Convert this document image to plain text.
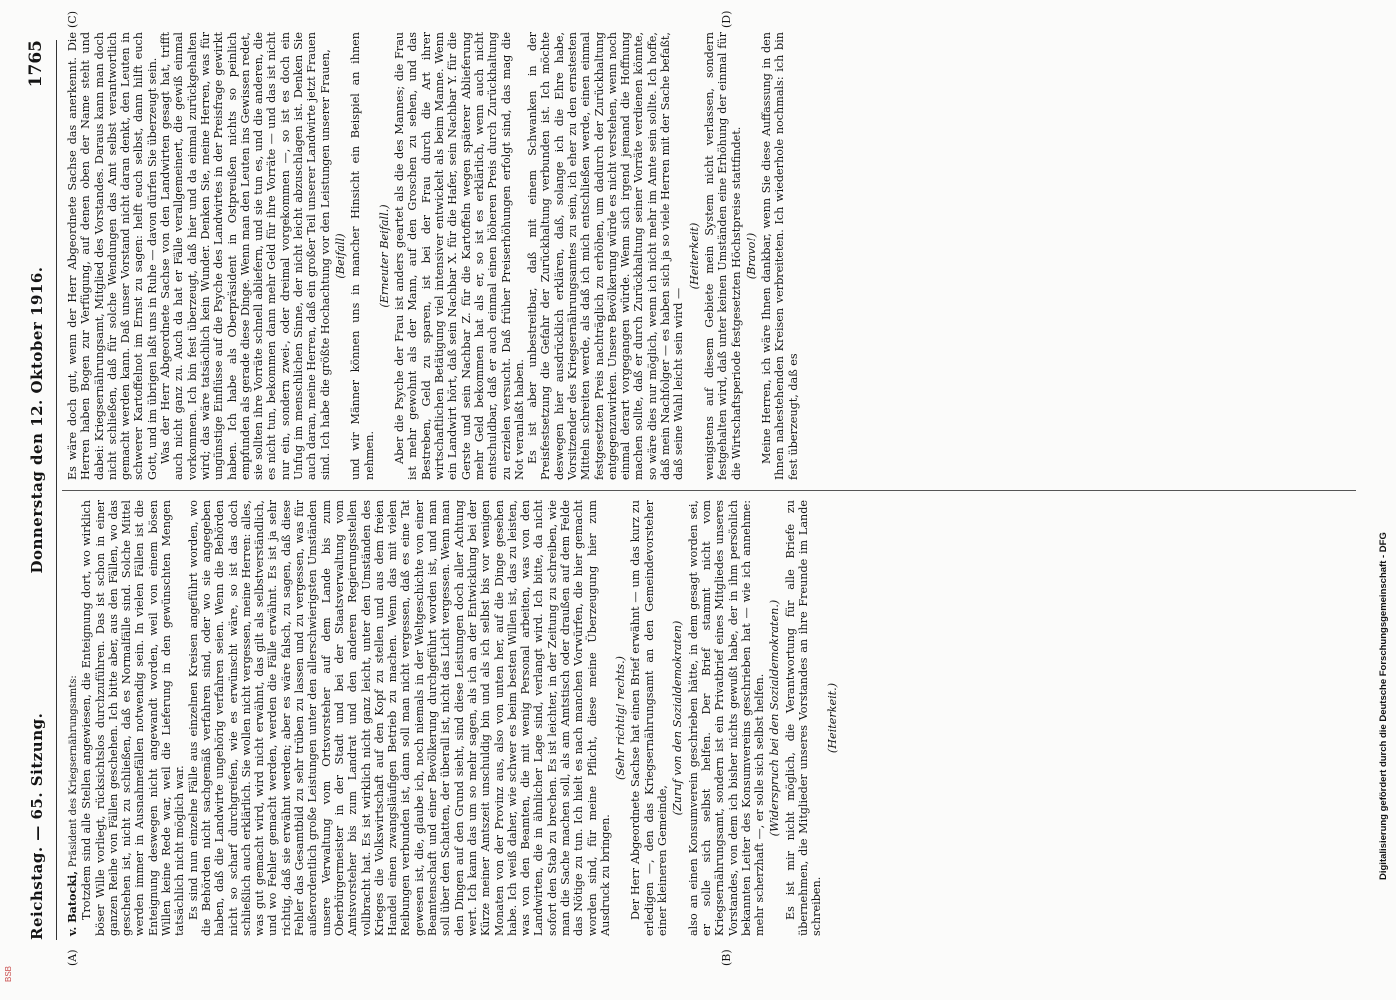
Reichstag. — 65. Sitzung.
Donnerstag den 12. Oktober 1916.
1765
(A)	(B)
(C)	(D)

v. Batocki, Präsident des Kriegsernährungsamts: Trotzdem sind alle Stellen angewiesen, die Enteignung dort, wo wirklich böser Wille vorliegt, rücksichtslos durchzuführen. Das ist schon in einer ganzen Reihe von Fällen geschehen. Ich bitte aber, aus den Fällen, wo das geschehen ist, nicht zu schließen, daß es Normalfälle sind. Solche Mittel werden immer in Ausnahmefällen notwendig sein. In vielen Fällen ist die Enteignung deswegen nicht angewandt worden, weil von einem bösen Willen keine Rede war, weil die Lieferung in den gewünschten Mengen tatsächlich nicht möglich war. Es sind nun einzelne Fälle aus einzelnen Kreisen angeführt worden, wo die Behörden nicht sachgemäß verfahren sind, oder wo sie angegeben haben, daß die Landwirte ungehörig verfahren seien. Wenn die Behörden nicht so scharf durchgreifen, wie es erwünscht wäre, so ist das doch schließlich auch erklärlich. Sie wollen nicht vergessen, meine Herren: alles, was gut gemacht wird, wird nicht erwähnt, das gilt als selbstverständlich, und wo Fehler gemacht werden, werden die Fälle erwähnt. Es ist ja sehr richtig, daß sie erwähnt werden; aber es wäre falsch, zu sagen, daß diese Fehler das Gesamtbild zu sehr trüben zu lassen und zu vergessen, was für außerordentlich große Leistungen unter den allerschwierigsten Umständen unsere Verwaltung vom Ortsvorsteher auf dem Lande bis zum Oberbürgermeister in der Stadt und bei der Staatsverwaltung vom Amtsvorsteher bis zum Landrat und den anderen Regierungsstellen vollbracht hat. Es ist wirklich nicht ganz leicht, unter den Umständen des Krieges die Volkswirtschaft auf den Kopf zu stellen und aus dem freien Handel einen zwangsläufigen Betrieb zu machen. Wenn das mit vielen Reibungen verbunden ist, dann soll man nicht vergessen, daß es eine Tat gewesen ist, die, glaube ich, noch niemals in der Weltgeschichte von einer Beamtenschaft und einer Bevölkerung durchgeführt worden ist, und man soll über den Schatten, der überall ist, nicht das Licht vergessen. Wenn man den Dingen auf den Grund sieht, sind diese Leistungen doch aller Achtung wert. Ich kann das um so mehr sagen, als ich an der Entwicklung bei der Kürze meiner Amtszeit unschuldig bin und als ich selbst bis vor wenigen Monaten von der Provinz aus, also von unten her, auf die Dinge gesehen habe. Ich weiß daher, wie schwer es beim besten Willen ist, das zu leisten, was von den Beamten, die mit wenig Personal arbeiten, was von den Landwirten, die in ähnlicher Lage sind, verlangt wird. Ich bitte, da nicht sofort den Stab zu brechen. Es ist leichter, in der Zeitung zu schreiben, wie man die Sache machen soll, als am Amtstisch oder draußen auf dem Felde das Nötige zu tun. Ich hielt es nach manchen Vorwürfen, die hier gemacht worden sind, für meine Pflicht, diese meine Überzeugung hier zum Ausdruck zu bringen.

(Sehr richtig! rechts.) Der Herr Abgeordnete Sachse hat einen Brief erwähnt — um das kurz zu erledigen —, den das Kriegsernährungsamt an den Gemeindevorsteher einer kleineren Gemeinde,

(Zuruf von den Sozialdemokraten) also an einen Konsumverein geschrieben hätte, in dem gesagt worden sei, er solle sich selbst helfen. Der Brief stammt nicht vom Kriegsernährungsamt, sondern ist ein Privatbrief eines Mitgliedes unseres Vorstandes, von dem ich bisher nichts gewußt habe, der in ihm persönlich bekannten Leiter des Konsumvereins geschrieben hat — wie ich annehme: mehr scherzhaft —, er solle sich selbst helfen. (Widerspruch bei den Sozialdemokraten.) Es ist mir nicht möglich, die Verantwortung für alle Briefe zu übernehmen, die Mitglieder unseres Vorstandes an ihre Freunde im Lande schreiben.

(Heiterkeit.)

Es wäre doch gut, wenn der Herr Abgeordnete Sachse das anerkennt. Die Herren haben Bogen zur Verfügung, auf denen oben der Name steht und dabei: Kriegsernährungsamt, Mitglied des Vorstandes. Daraus kann man doch nicht schließen, daß für solche Wendungen das Amt selbst verantwortlich gemacht werden kann. Daß unser Vorstand nicht daran denkt, den Leuten in schwerer Kartoffelnot im Ernst zu sagen: helft euch selbst, dann hilft euch Gott, und im übrigen laßt uns in Ruhe — davon dürfen Sie überzeugt sein. Was der Herr Abgeordnete Sachse von den Landwirten gesagt hat, trifft auch nicht ganz zu. Auch da hat er Fälle verallgemeinert, die gewiß einmal vorkommen. Ich bin fest überzeugt, daß hier und da einmal zurückgehalten wird; das wäre tatsächlich kein Wunder. Denken Sie, meine Herren, was für ungünstige Einflüsse auf die Psyche des Landwirtes in der Preisfrage gewirkt haben. Ich habe als Oberpräsident in Ostpreußen nichts so peinlich empfunden als gerade diese Dinge. Wenn man den Leuten ins Gewissen redet, sie sollten ihre Vorräte schnell abliefern, und sie tun es, und die anderen, die es nicht tun, bekommen dann mehr Geld für ihre Vorräte — und das ist nicht nur ein, sondern zwei-, oder dreimal vorgekommen —, so ist es doch ein Unfug im menschlichen Sinne, der nicht leicht abzuschlagen ist. Denken Sie auch daran, meine Herren, daß ein großer Teil unserer Landwirte jetzt Frauen sind. Ich habe die größte Hochachtung vor den Leistungen unserer Frauen, (Beifall) und wir Männer können uns in mancher Hinsicht ein Beispiel an ihnen nehmen.

(Erneuter Beifall.) Aber die Psyche der Frau ist anders geartet als die des Mannes; die Frau ist mehr gewohnt als der Mann, auf den Groschen zu sehen, und das Bestreben, Geld zu sparen, ist bei der Frau durch die Art ihrer wirtschaftlichen Betätigung viel intensiver entwickelt als beim Manne. Wenn ein Landwirt hört, daß sein Nachbar X. für die Hafer, sein Nachbar Y. für die Gerste und sein Nachbar Z. für die Kartoffeln wegen späterer Ablieferung mehr Geld bekommen hat als er, so ist es erklärlich, wenn auch nicht entschuldbar, daß er auch einmal einen höheren Preis durch Zurückhaltung zu erzielen versucht. Daß früher Preiserhöhungen erfolgt sind, das mag die Not veranlaßt haben. Es ist aber unbestreitbar, daß mit einem Schwanken in der Preisfestsetzung die Gefahr der Zurückhaltung verbunden ist. Ich möchte deswegen hier ausdrücklich erklären, daß, solange ich die Ehre habe, Vorsitzender des Kriegsernährungsamtes zu sein, ich eher zu den ernstesten Mitteln schreiten werde, als daß ich mich entschließen werde, einen einmal festgesetzten Preis nachträglich zu erhöhen, um dadurch der Zurückhaltung entgegenzuwirken. Unsere Bevölkerung würde es nicht verstehen, wenn noch einmal derart vorgegangen würde. Wenn sich irgend jemand die Hoffnung machen sollte, daß er durch Zurückhaltung seiner Vorräte verdienen könnte, so wäre dies nur möglich, wenn ich nicht mehr im Amte sein sollte. Ich hoffe, daß mein Nachfolger — es haben sich ja so viele Herren mit der Sache befaßt, daß seine Wahl leicht sein wird —

(Heiterkeit) wenigstens auf diesem Gebiete mein System nicht verlassen, sondern festgehalten wird, daß unter keinen Umständen eine Erhöhung der einmal für die Wirtschaftsperiode festgesetzten Höchstpreise stattfindet. (Bravo!) Meine Herren, ich wäre Ihnen dankbar, wenn Sie diese Auffassung in den Ihnen nahestehenden Kreisen verbreiteten. Ich wiederhole nochmals: ich bin fest überzeugt, daß es

Digitalisierung gefördert durch die Deutsche Forschungsgemeinschaft - DFG
BSB
